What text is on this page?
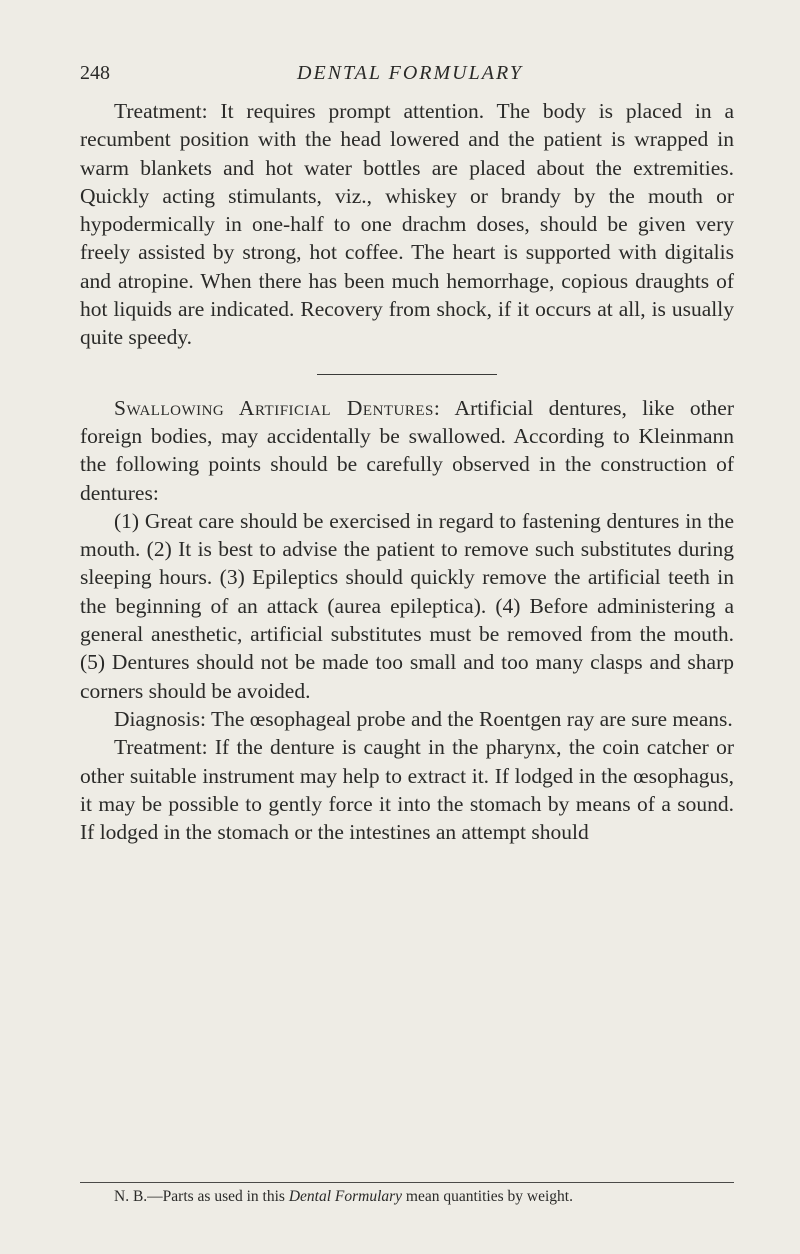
248	DENTAL FORMULARY

Treatment: It requires prompt attention. The body is placed in a recumbent position with the head lowered and the patient is wrapped in warm blankets and hot water bottles are placed about the extremities. Quickly acting stimulants, viz., whiskey or brandy by the mouth or hypodermically in one-half to one drachm doses, should be given very freely assisted by strong, hot coffee. The heart is supported with digitalis and atropine. When there has been much hemorrhage, copious draughts of hot liquids are indicated. Recovery from shock, if it occurs at all, is usually quite speedy.

Swallowing Artificial Dentures: Artificial dentures, like other foreign bodies, may accidentally be swallowed. According to Kleinmann the following points should be carefully observed in the construction of dentures:

(1) Great care should be exercised in regard to fastening dentures in the mouth. (2) It is best to advise the patient to remove such substitutes during sleeping hours. (3) Epileptics should quickly remove the artificial teeth in the beginning of an attack (aurea epileptica). (4) Before administering a general anesthetic, artificial substitutes must be removed from the mouth. (5) Dentures should not be made too small and too many clasps and sharp corners should be avoided.

Diagnosis: The œsophageal probe and the Roentgen ray are sure means.

Treatment: If the denture is caught in the pharynx, the coin catcher or other suitable instrument may help to extract it. If lodged in the œsophagus, it may be possible to gently force it into the stomach by means of a sound. If lodged in the stomach or the intestines an attempt should

N. B.—Parts as used in this Dental Formulary mean quantities by weight.
